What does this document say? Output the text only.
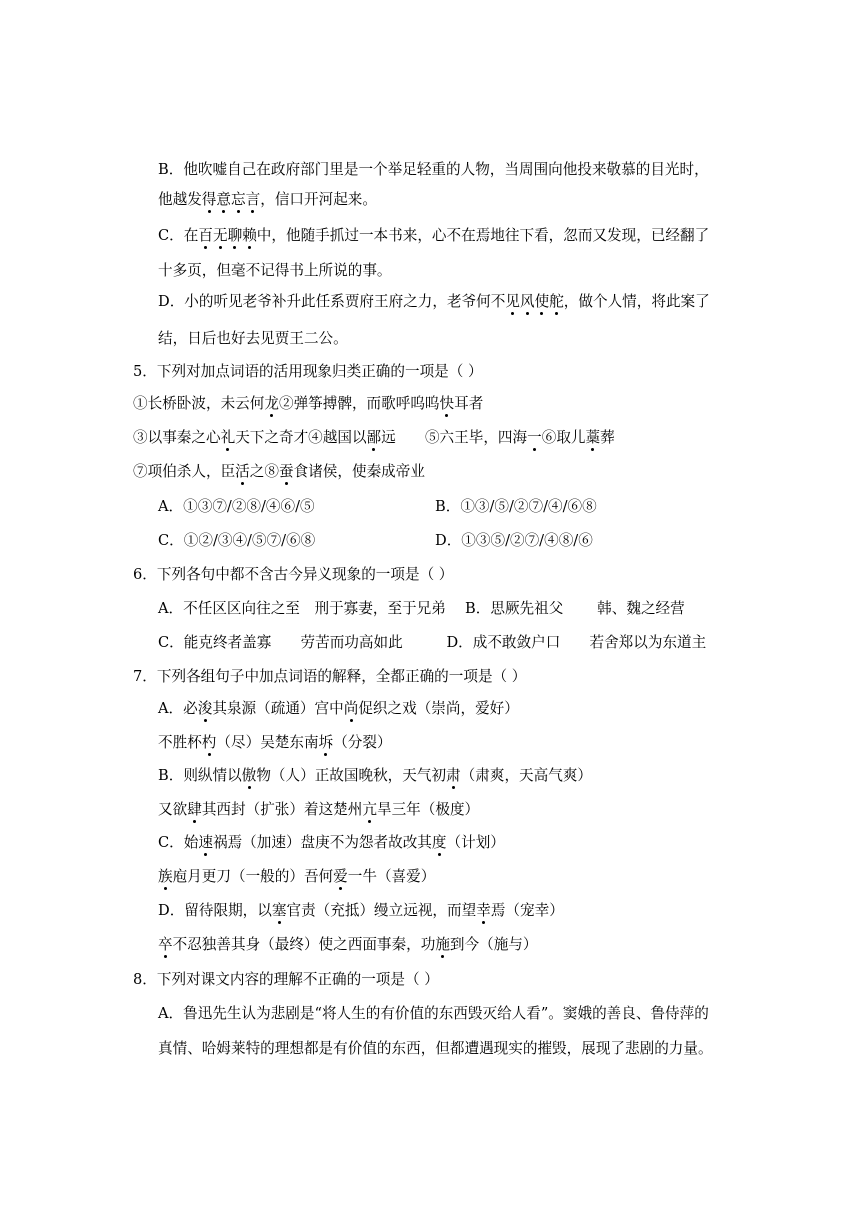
B．他吹嘘自己在政府部门里是一个举足轻重的人物，当周围向他投来敬慕的目光时，
他越发得意忘言，信口开河起来。
C．在百无聊赖中，他随手抓过一本书来，心不在焉地往下看，忽而又发现，已经翻了
十多页，但毫不记得书上所说的事。
D．小的听见老爷补升此任系贾府王府之力，老爷何不见风使舵，做个人情，将此案了
结，日后也好去见贾王二公。
5．下列对加点词语的活用现象归类正确的一项是（ ）
①长桥卧波，未云何龙②弹筝搏髀，而歌呼呜呜快耳者
③以事秦之心礼天下之奇才④越国以鄙远　　⑤六王毕，四海一⑥取儿藁葬
⑦项伯杀人，臣活之⑧蚕食诸侯，使秦成帝业
A．①③⑦/②⑧/④⑥/⑤	B．①③/⑤/②⑦/④/⑥⑧
C．①②/③④/⑤⑦/⑥⑧	D．①③⑤/②⑦/④⑧/⑥
6．下列各句中都不含古今异义现象的一项是（ ）
A．不任区区向往之至　刑于寡妻，至于兄弟　 B．思厥先祖父　　 韩、魏之经营
C．能克终者盖寡　　劳苦而功高如此　　　D．成不敢敛户口　　若舍郑以为东道主
7．下列各组句子中加点词语的解释，全都正确的一项是（ ）
A．必浚其泉源（疏通）宫中尚促织之戏（崇尚，爱好）
不胜杯杓（尽）吴楚东南坼（分裂）
B．则纵情以傲物（人）正故国晚秋，天气初肃（肃爽，天高气爽）
又欲肆其西封（扩张）着这楚州亢旱三年（极度）
C．始速祸焉（加速）盘庚不为怨者故改其度（计划）
族庖月更刀（一般的）吾何爱一牛（喜爱）
D．留待限期，以塞官责（充抵）缦立远视，而望幸焉（宠幸）
卒不忍独善其身（最终）使之西面事秦，功施到今（施与）
8．下列对课文内容的理解不正确的一项是（ ）
A．鲁迅先生认为悲剧是“将人生的有价值的东西毁灭给人看”。窦娥的善良、鲁侍萍的
真情、哈姆莱特的理想都是有价值的东西，但都遭遇现实的摧毁，展现了悲剧的力量。
